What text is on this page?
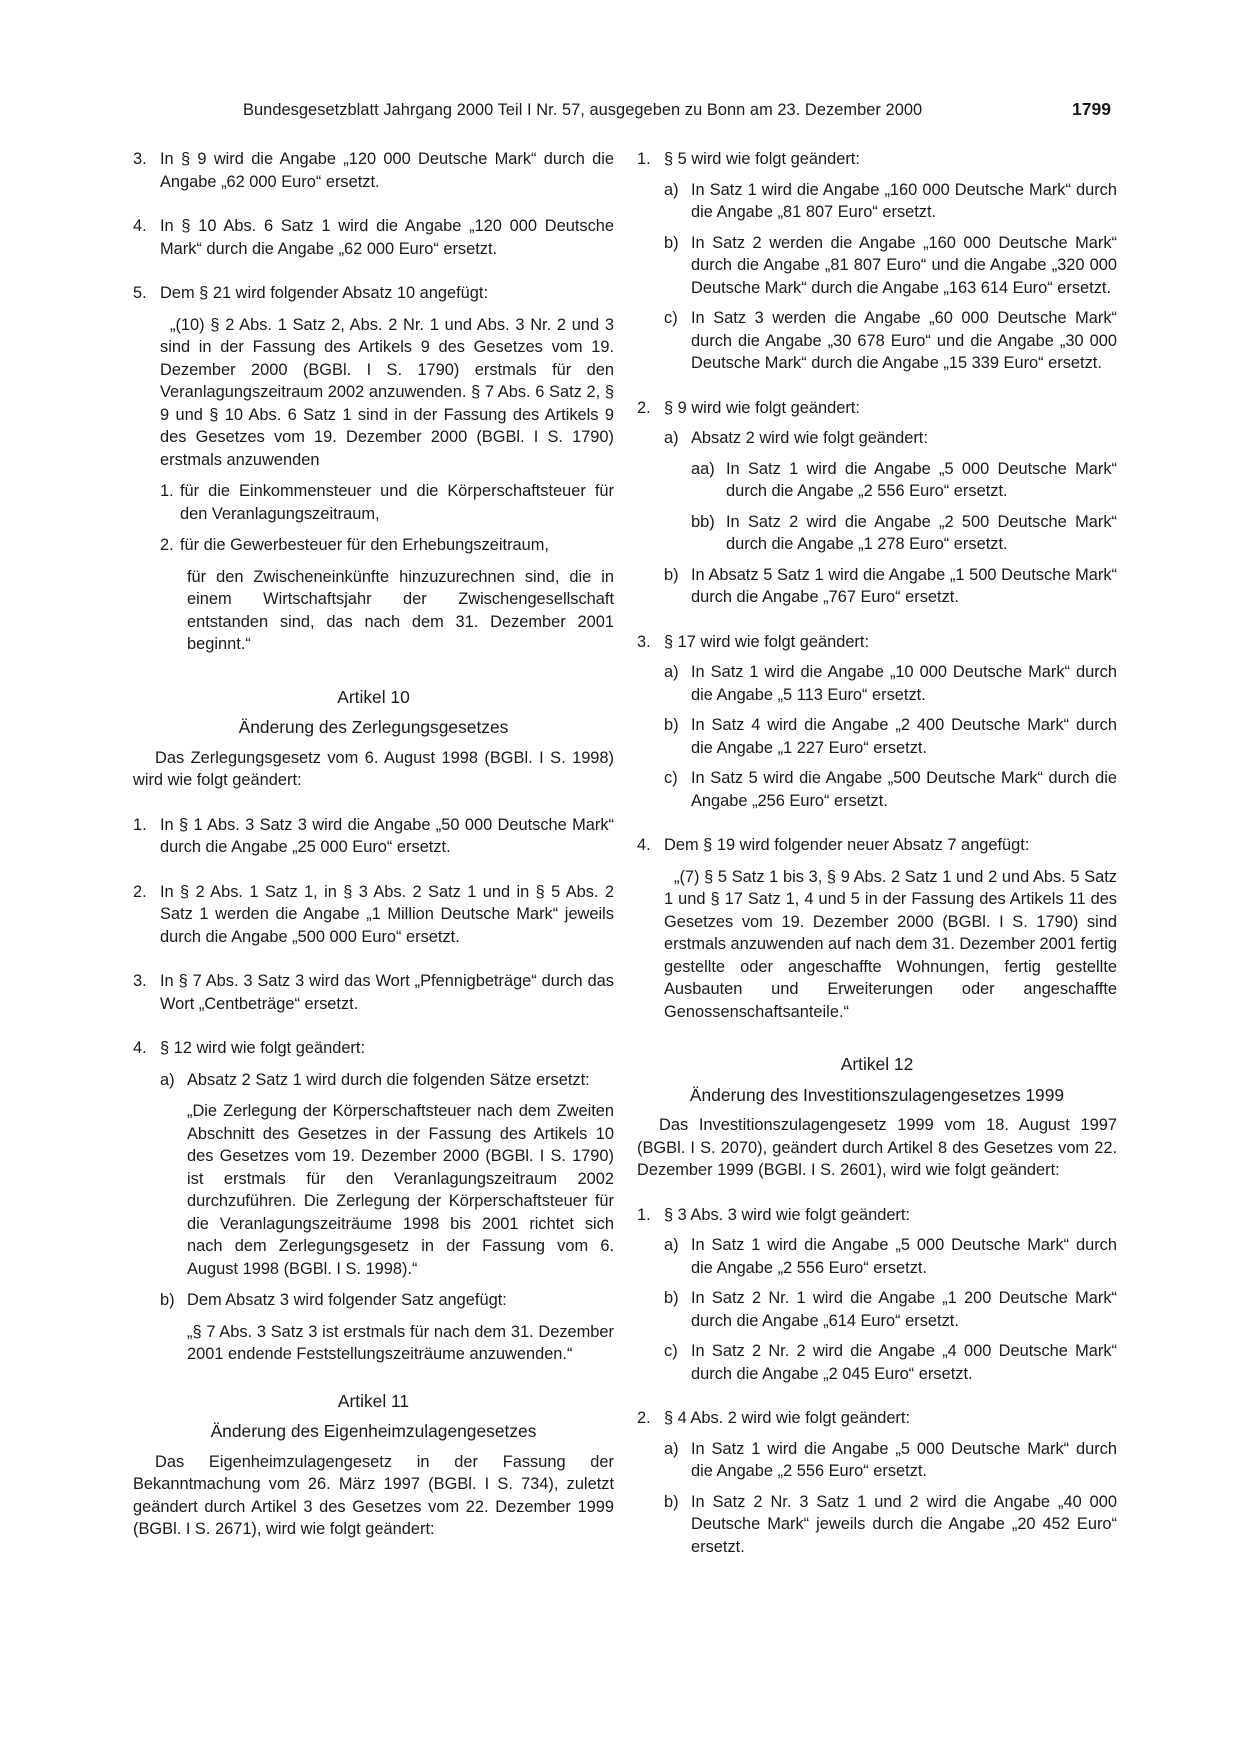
Bundesgesetzblatt Jahrgang 2000 Teil I Nr. 57, ausgegeben zu Bonn am 23. Dezember 2000	1799
3. In § 9 wird die Angabe „120 000 Deutsche Mark“ durch die Angabe „62 000 Euro“ ersetzt.
4. In § 10 Abs. 6 Satz 1 wird die Angabe „120 000 Deutsche Mark“ durch die Angabe „62 000 Euro“ ersetzt.
5. Dem § 21 wird folgender Absatz 10 angefügt:

„(10) § 2 Abs. 1 Satz 2, Abs. 2 Nr. 1 und Abs. 3 Nr. 2 und 3 sind in der Fassung des Artikels 9 des Gesetzes vom 19. Dezember 2000 (BGBl. I S. 1790) erstmals für den Veranlagungszeitraum 2002 anzuwenden. § 7 Abs. 6 Satz 2, § 9 und § 10 Abs. 6 Satz 1 sind in der Fassung des Artikels 9 des Gesetzes vom 19. Dezember 2000 (BGBl. I S. 1790) erstmals anzuwenden

1. für die Einkommensteuer und die Körperschaftsteuer für den Veranlagungszeitraum,
2. für die Gewerbesteuer für den Erhebungszeitraum,

für den Zwischeneinkünfte hinzuzurechnen sind, die in einem Wirtschaftsjahr der Zwischengesellschaft entstanden sind, das nach dem 31. Dezember 2001 beginnt.“

Artikel 10

Änderung des Zerlegungsgesetzes

Das Zerlegungsgesetz vom 6. August 1998 (BGBl. I S. 1998) wird wie folgt geändert:

1. In § 1 Abs. 3 Satz 3 wird die Angabe „50 000 Deutsche Mark“ durch die Angabe „25 000 Euro“ ersetzt.
2. In § 2 Abs. 1 Satz 1, in § 3 Abs. 2 Satz 1 und in § 5 Abs. 2 Satz 1 werden die Angabe „1 Million Deutsche Mark“ jeweils durch die Angabe „500 000 Euro“ ersetzt.
3. In § 7 Abs. 3 Satz 3 wird das Wort „Pfennigbeträge“ durch das Wort „Centbeträge“ ersetzt.
4. § 12 wird wie folgt geändert:
a) Absatz 2 Satz 1 wird durch die folgenden Sätze ersetzt:

„Die Zerlegung der Körperschaftsteuer nach dem Zweiten Abschnitt des Gesetzes in der Fassung des Artikels 10 des Gesetzes vom 19. Dezember 2000 (BGBl. I S. 1790) ist erstmals für den Veranlagungszeitraum 2002 durchzuführen. Die Zerlegung der Körperschaftsteuer für die Veranlagungszeiträume 1998 bis 2001 richtet sich nach dem Zerlegungsgesetz in der Fassung vom 6. August 1998 (BGBl. I S. 1998).“

b) Dem Absatz 3 wird folgender Satz angefügt:

„§ 7 Abs. 3 Satz 3 ist erstmals für nach dem 31. Dezember 2001 endende Feststellungszeiträume anzuwenden.“

Artikel 11

Änderung des Eigenheimzulagengesetzes

Das Eigenheimzulagengesetz in der Fassung der Bekanntmachung vom 26. März 1997 (BGBl. I S. 734), zuletzt geändert durch Artikel 3 des Gesetzes vom 22. Dezember 1999 (BGBl. I S. 2671), wird wie folgt geändert:

1. § 5 wird wie folgt geändert:
a) In Satz 1 wird die Angabe „160 000 Deutsche Mark“ durch die Angabe „81 807 Euro“ ersetzt.
b) In Satz 2 werden die Angabe „160 000 Deutsche Mark“ durch die Angabe „81 807 Euro“ und die Angabe „320 000 Deutsche Mark“ durch die Angabe „163 614 Euro“ ersetzt.
c) In Satz 3 werden die Angabe „60 000 Deutsche Mark“ durch die Angabe „30 678 Euro“ und die Angabe „30 000 Deutsche Mark“ durch die Angabe „15 339 Euro“ ersetzt.
2. § 9 wird wie folgt geändert:
a) Absatz 2 wird wie folgt geändert:
aa) In Satz 1 wird die Angabe „5 000 Deutsche Mark“ durch die Angabe „2 556 Euro“ ersetzt.
bb) In Satz 2 wird die Angabe „2 500 Deutsche Mark“ durch die Angabe „1 278 Euro“ ersetzt.
b) In Absatz 5 Satz 1 wird die Angabe „1 500 Deutsche Mark“ durch die Angabe „767 Euro“ ersetzt.
3. § 17 wird wie folgt geändert:
a) In Satz 1 wird die Angabe „10 000 Deutsche Mark“ durch die Angabe „5 113 Euro“ ersetzt.
b) In Satz 4 wird die Angabe „2 400 Deutsche Mark“ durch die Angabe „1 227 Euro“ ersetzt.
c) In Satz 5 wird die Angabe „500 Deutsche Mark“ durch die Angabe „256 Euro“ ersetzt.
4. Dem § 19 wird folgender neuer Absatz 7 angefügt:

„(7) § 5 Satz 1 bis 3, § 9 Abs. 2 Satz 1 und 2 und Abs. 5 Satz 1 und § 17 Satz 1, 4 und 5 in der Fassung des Artikels 11 des Gesetzes vom 19. Dezember 2000 (BGBl. I S. 1790) sind erstmals anzuwenden auf nach dem 31. Dezember 2001 fertig gestellte oder angeschaffte Wohnungen, fertig gestellte Ausbauten und Erweiterungen oder angeschaffte Genossenschaftsanteile.“

Artikel 12

Änderung des Investitionszulagengesetzes 1999

Das Investitionszulagengesetz 1999 vom 18. August 1997 (BGBl. I S. 2070), geändert durch Artikel 8 des Gesetzes vom 22. Dezember 1999 (BGBl. I S. 2601), wird wie folgt geändert:

1. § 3 Abs. 3 wird wie folgt geändert:
a) In Satz 1 wird die Angabe „5 000 Deutsche Mark“ durch die Angabe „2 556 Euro“ ersetzt.
b) In Satz 2 Nr. 1 wird die Angabe „1 200 Deutsche Mark“ durch die Angabe „614 Euro“ ersetzt.
c) In Satz 2 Nr. 2 wird die Angabe „4 000 Deutsche Mark“ durch die Angabe „2 045 Euro“ ersetzt.
2. § 4 Abs. 2 wird wie folgt geändert:
a) In Satz 1 wird die Angabe „5 000 Deutsche Mark“ durch die Angabe „2 556 Euro“ ersetzt.
b) In Satz 2 Nr. 3 Satz 1 und 2 wird die Angabe „40 000 Deutsche Mark“ jeweils durch die Angabe „20 452 Euro“ ersetzt.
